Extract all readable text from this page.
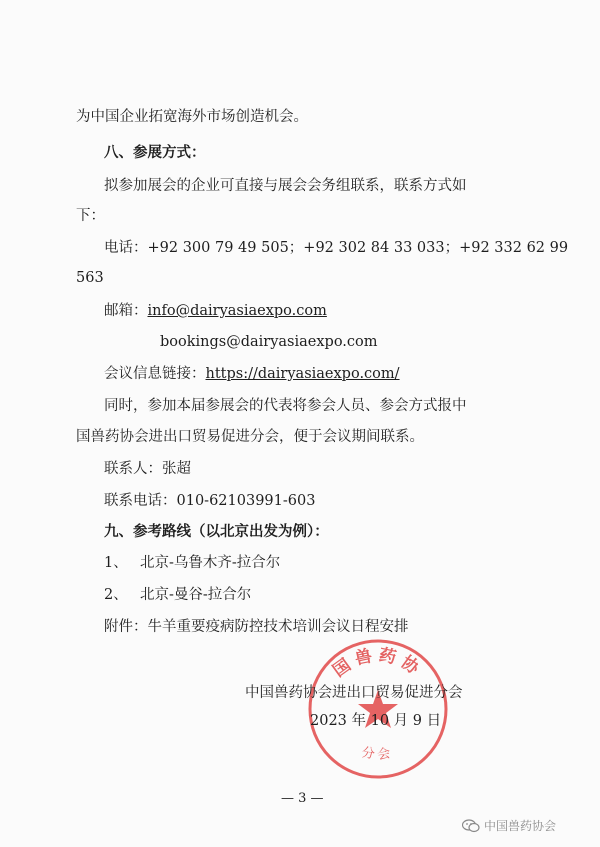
为中国企业拓宽海外市场创造机会。
八、参展方式：
拟参加展会的企业可直接与展会会务组联系，联系方式如
下：
电话：+92 300 79 49 505；+92 302 84 33 033；+92 332 62 99
563
邮箱：info@dairyasiaexpo.com
bookings@dairyasiaexpo.com
会议信息链接：https://dairyasiaexpo.com/
同时，参加本届参展会的代表将参会人员、参会方式报中
国兽药协会进出口贸易促进分会，便于会议期间联系。
联系人：张超
联系电话：010-62103991-603
九、参考路线（以北京出发为例）：
1、 北京-乌鲁木齐-拉合尔
2、 北京-曼谷-拉合尔
附件：牛羊重要疫病防控技术培训会议日程安排
国兽药协
分会
中国兽药协会进出口贸易促进分会
2023 年 10 月 9 日
— 3 —
中国兽药协会
